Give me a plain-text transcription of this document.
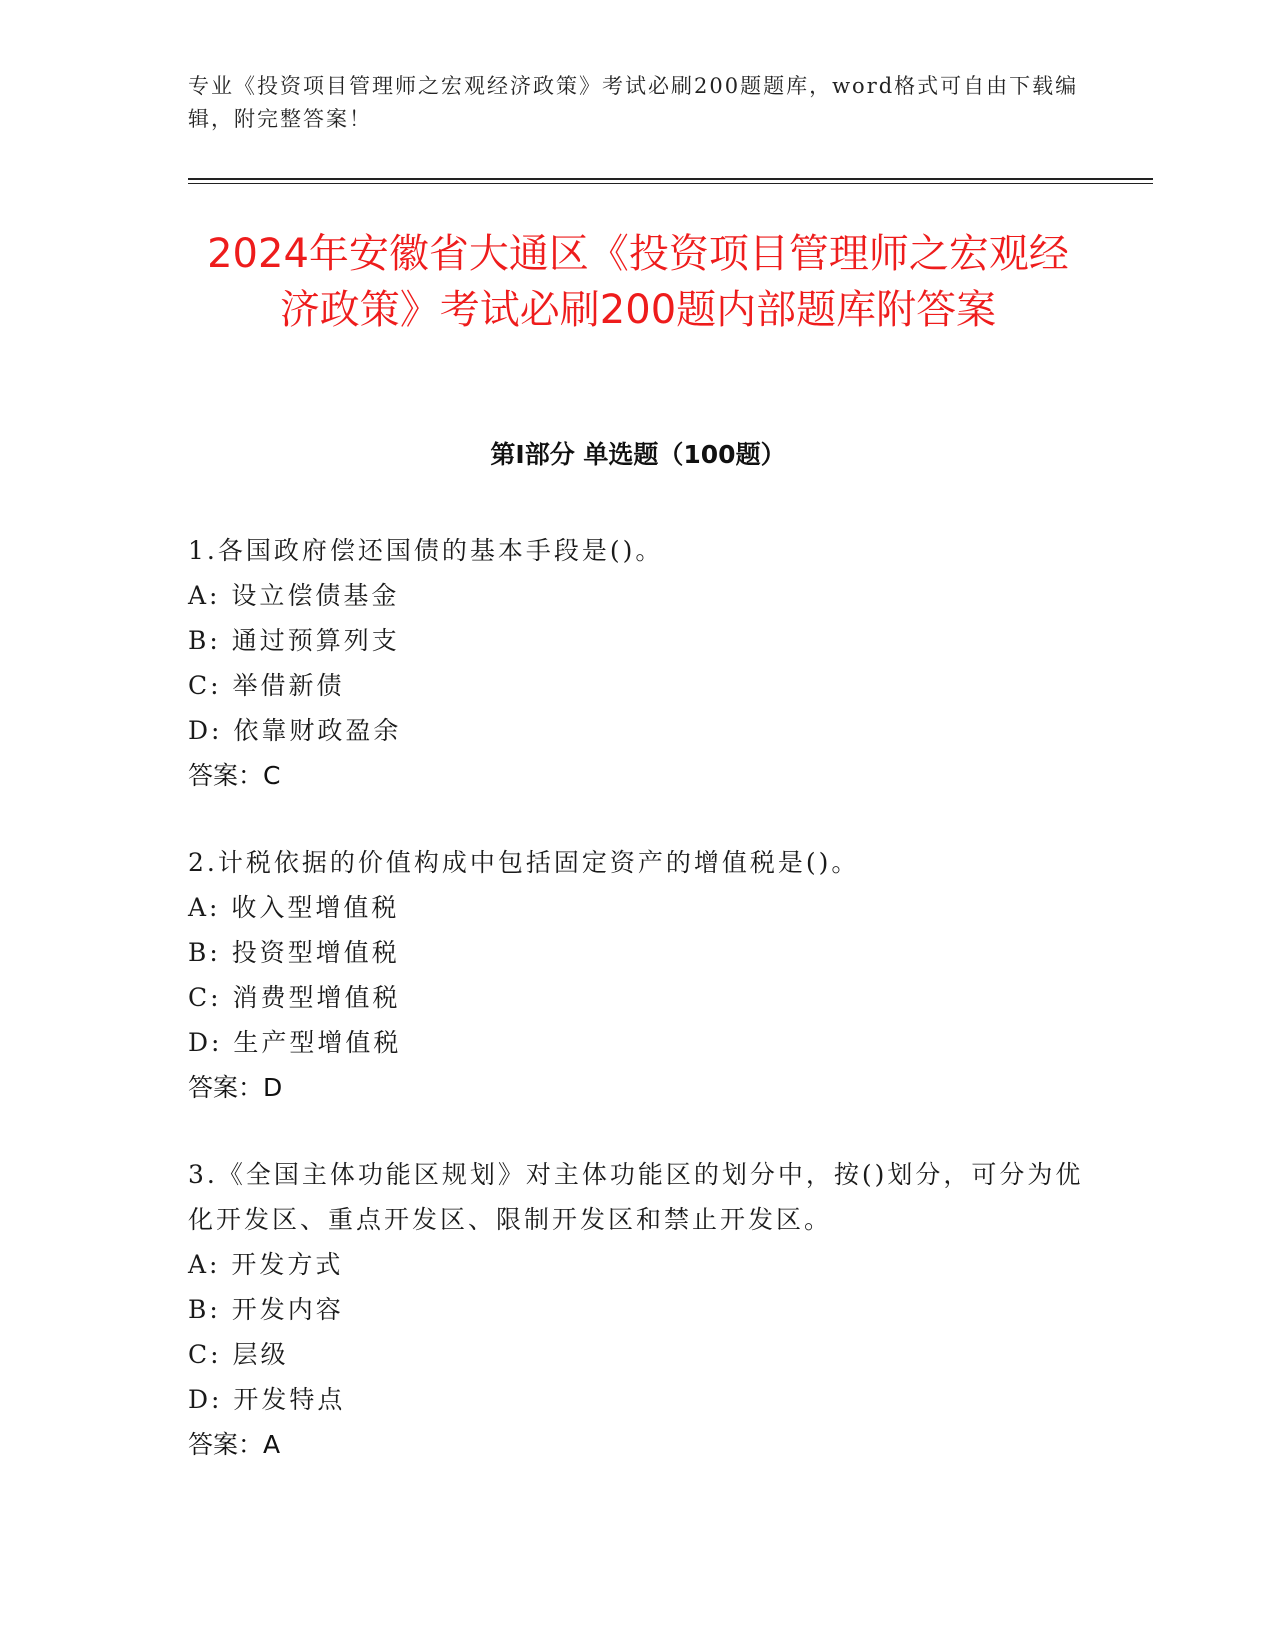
专业《投资项目管理师之宏观经济政策》考试必刷200题题库，word格式可自由下载编辑，附完整答案！
2024年安徽省大通区《投资项目管理师之宏观经济政策》考试必刷200题内部题库附答案
第Ⅰ部分 单选题（100题）

1.各国政府偿还国债的基本手段是()。

A: 设立偿债基金

B: 通过预算列支

C: 举借新债

D: 依靠财政盈余

答案：C

2.计税依据的价值构成中包括固定资产的增值税是()。

A: 收入型增值税

B: 投资型增值税

C: 消费型增值税

D: 生产型增值税

答案：D

3.《全国主体功能区规划》对主体功能区的划分中，按()划分，可分为优化开发区、重点开发区、限制开发区和禁止开发区。

A: 开发方式

B: 开发内容

C: 层级

D: 开发特点

答案：A
